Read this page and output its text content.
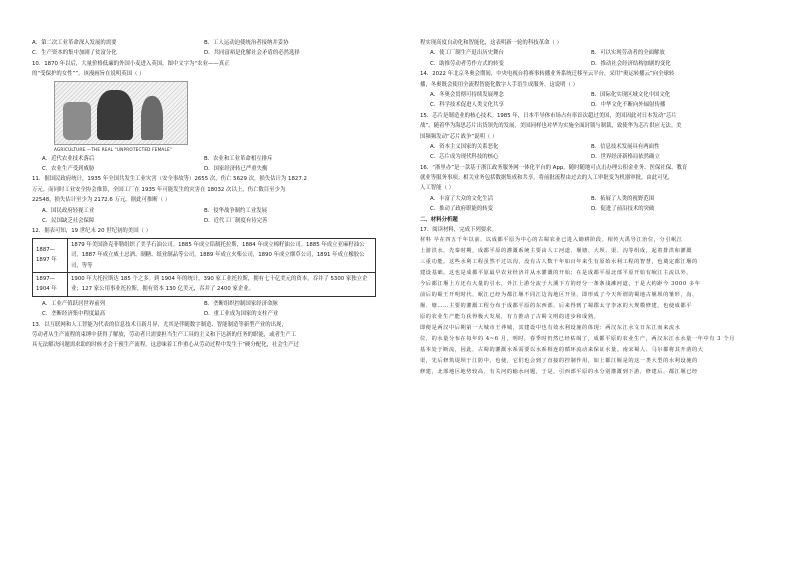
A．第二次工业革命深入发展的需要	B．工人运动迫使统治者接纳并妥协
C．生产资本的集中加剧了贫富分化	D．共同富裕是化解社会矛盾的必然选择
10．1870 年以后，大量价格低廉的外国小麦进入英国，图中文字为“农业——真正
的“受保护的女性””。该漫画旨在说明英国（ ）
AGRICULTURE.—THE REAL "UNPROTECTED FEMALE"
A．近代农业技术落后	B．农业和工业革命相互排斥
C．农业生产受到威胁	D．国家经济转已严重失衡
11．据国民政府统计，1935 年全国共发生工业灾害（安全事故等）2655 次，伤亡 5629 次，损失估计为 1827.2
万元。而同时工业安全协会推算，全国工厂在 1935 年可能发生的灾害在 18032 次以上，伤亡数目至少为
22548，损失估计至少为 2172.6 万元。据此可推断（ ）
A．国民政府轻视工业	B．侵华战争制约工业发展
C．民国缺乏社会保障	D．近代工厂制度有待完善
12．据表可知，19 世纪末 20 世纪初的美国（ ）
1887—1897 年	1879 年美国洛克菲勒组织了美孚石油公司。1885 年成立铅制托拉斯，1884 年成立棉籽油公司。1885 年成立亚麻籽油公司，1887 年成立威士忌酒、制糖、纸业制品等公司，1889 年成立火柴公司，1890 年成立烟草公司，1891 年成立橡胶公司，等等
1897—1904 年	1900 年大托拉斯达 185 个之多。到 1904 年的统计，390 家工业托拉斯，拥有七十亿美元的资本，吞并了 5300 家独立企业；127 家公用事业托拉斯，拥有资本 130 亿美元，吞并了 2400 家企业。
A．工业产值跃居世界前列	B．垄断组织控制国家经济命脉
C．垄断经济集中程度最高	D．重工业成为国家的支柱产业
13．以互联网和人工智能为代表的信息技术日新月异，尤其是伴随数字制造、智能制造等新型产业的出现，
劳动者从生产流程的束缚中获得了解放，劳动者只需要担当生产工具的主义和下达新的任务的职能，或者生产工
具无法解决问题需求助的时候才会干预生产流程。这意味着工作重心从劳动过程中发生于“硬分配化，社会生产过
程实现高度自动化和智能化，这表明新一轮的科技革命（ ）
A．使工厂制生产退出历史舞台	B．可以实现劳动者的全面解放
C．助推劳动者劳作方式的转变	D．推动社会经济结构加剧的变化
14．2022 年北京冬奥会期间，中央电视台将赛事转播业务系统迁移至云平台，采用“奥运转播云”向全球转
播，冬奥既会使用全流程智能化数字人手语生成服务。这说明（ ）
A．冬奥会贯彻可持续发展理念	B．国际化实现区域文化中国文化
C．科学技术促进人类文化共享	D．中华文化不断向外辐射传播
15．芯片是制造业的核心技术。1985 年，日本半导体市场占有率首次超过美国，美国因此对日本发动“芯片
战”，随着华为海思芯片出货领先的发展，美国同样也对华为实施全面封锁与制裁，致使华为芯片供应无法。美
国频频发动“芯片战争”说明（ ）
A．资本主义国家的关系恶化	B．信息技术发展具有两面性
C．芯片成为现代科技的核心	D．世界经济新格局依然确立
16．“浙里办”是一款基于浙江政务服务网一体化平台的 App，随时随地可点击办理公积金业务、医保社保、教育
就业等服务事项；相关业务包括数据集成和共享，将前批流程由过去的人工审批变为机器审批，由此可见，
人工智能（ ）
A．丰富了大众的文化生活	B．拓展了人类的视野范围
C．推动了政府职能的转变	D．促进了前沿技术的突破
二、材料分析题
17．阅读材料，完成下列要求。
材料 早在四五千年以前，以成都平原为中心的古蜀农业已进入锄耕阶段。相传大禹导江治位，分引岷江
上游洪水，先秦时期，成都平原的灌溉系统主要由人工河道、堰塘、大坝、渠、沟等组成，起着排洪和灌溉
三重功能。这些水利工程虽然不过以沟，没有古人数千年如百年来生有原始水利工程的智慧，也奠定都江堰的
建设基础。这也是成都平原最早农业经济并从水灌溉的开始；在是成都平原北部平原开始有岷江主流以外，
今后都江堰上方还有大量的引水，外江上游分流于大溪下方的经分一条条浅滩河道，于是大约距今 3000 多年
前后的蜀王开明时代，岷江已经为都江堰不同江边沟地区开垦，即形成了今天所谓的蜀地古堰坝的雏形，沟、
堰、塘……主要的灌溉工程分布于成都平原的东西部，后来得到了蜀郡太守李冰的大规模修建，也使成都平
原的农业生产能力获得极大发展，有力推动了古蜀文明的进步和成熟。
即便是两汉中后期第一大城市王莽城，其建设中也有效水利设施的体现：两汉东江水文日东江而来流水
位，的水量分布在每年的 4~6 月，明时，春季时仍然已经枯竭了，成都平原的农业生产，两汉东江水水量一年中有 3 个月
基本处于断流，因此，古蜀的灌溉水系需要以水系相连的循环流动来保证水量。南宋蜀人、马尔都将其开凿的大
渠，先后修筑堤坝于江防中，也使，它们也会到了直接的控制作用，如上都江堰是的这一类大型的水利设施的
修建，北部地区地势较高，有关河的输水问题，于是，引西部平原的水分别灌溉到下游，修建后，都江堰已经
